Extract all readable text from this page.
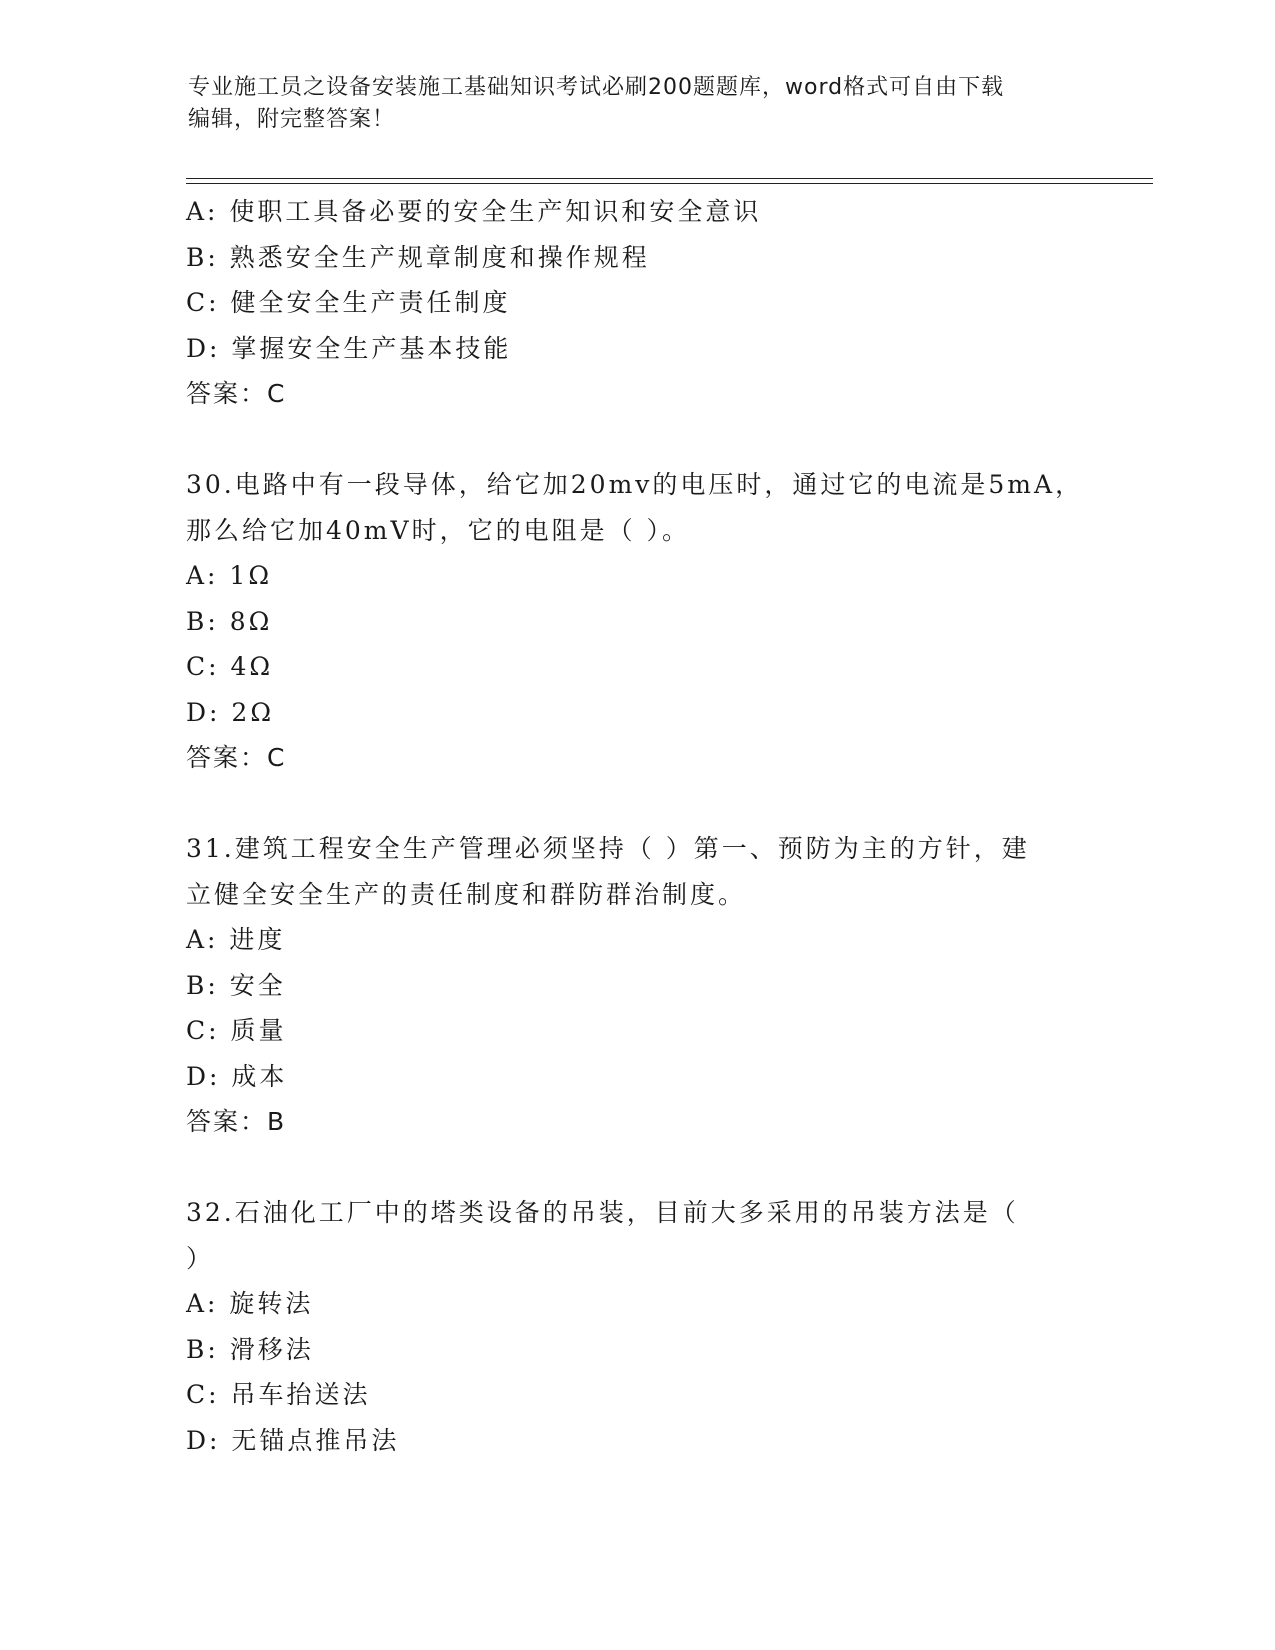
专业施工员之设备安装施工基础知识考试必刷200题题库，word格式可自由下载
编辑，附完整答案！
A: 使职工具备必要的安全生产知识和安全意识
B: 熟悉安全生产规章制度和操作规程
C: 健全安全生产责任制度
D: 掌握安全生产基本技能
答案：C
30.电路中有一段导体，给它加20mv的电压时，通过它的电流是5mA，
那么给它加40mV时，它的电阻是（ ）。
A: 1Ω
B: 8Ω
C: 4Ω
D: 2Ω
答案：C
31.建筑工程安全生产管理必须坚持（ ）第一、预防为主的方针，建
立健全安全生产的责任制度和群防群治制度。
A: 进度
B: 安全
C: 质量
D: 成本
答案：B
32.石油化工厂中的塔类设备的吊装，目前大多采用的吊装方法是（
）
A: 旋转法
B: 滑移法
C: 吊车抬送法
D: 无锚点推吊法
